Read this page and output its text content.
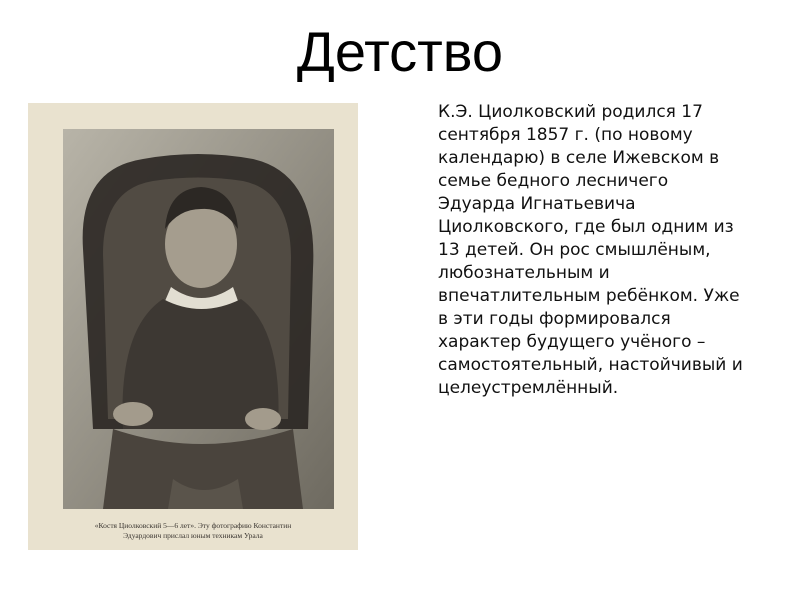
Детство
«Костя Циолковский 5—6 лет». Эту фотографию Константин
Эдуардович прислал юным техникам Урала
К.Э. Циолковский родился 17
сентября 1857 г. (по новому
календарю) в селе Ижевском в
семье бедного лесничего
Эдуарда Игнатьевича
Циолковского, где был одним из
13 детей. Он рос смышлёным,
любознательным и
впечатлительным ребёнком. Уже
в эти годы формировался
характер будущего учёного –
самостоятельный, настойчивый и
целеустремлённый.
